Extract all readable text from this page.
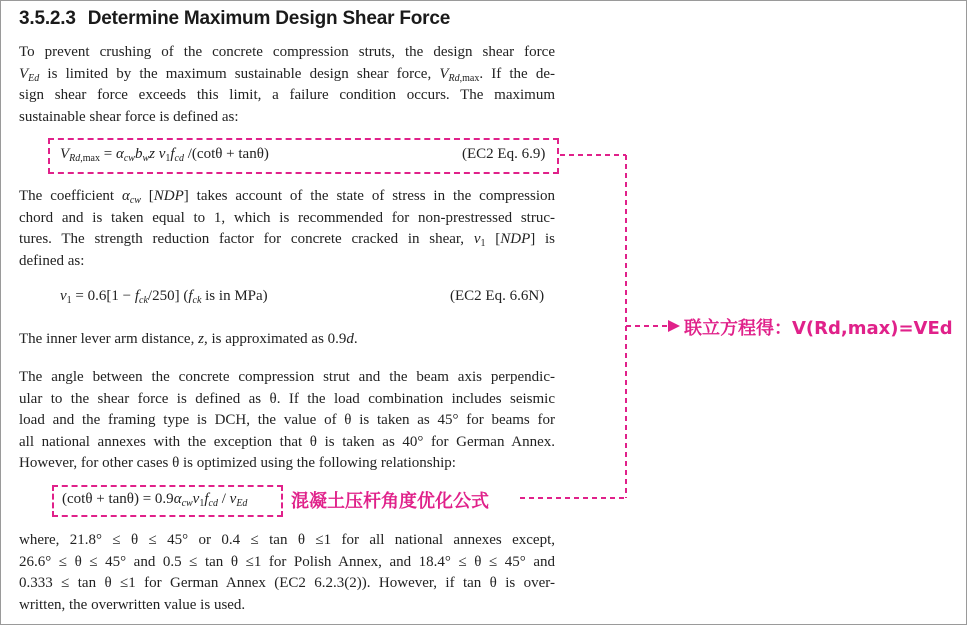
3.5.2.3 Determine Maximum Design Shear Force
To prevent crushing of the concrete compression struts, the design shear force
$V_{Ed}$ is limited by the maximum sustainable design shear force, $V_{Rd,max}$. If the de-
sign shear force exceeds this limit, a failure condition occurs. The maximum
sustainable shear force is defined as:
$V_{Rd,max} = \alpha_{cw}b_wz$ $\nu_1f_{cd}$ /(cotθ + tanθ)	(EC2 Eq. 6.9)
The coefficient $\alpha_{cw}$ [NDP] takes account of the state of stress in the compression
chord and is taken equal to 1, which is recommended for non-prestressed struc-
tures. The strength reduction factor for concrete cracked in shear, $\nu_1$ [NDP] is
defined as:
$\nu_1 = 0.6[1 - f_{ck}/250]$ ($f_{ck}$ is in MPa)	(EC2 Eq. 6.6N)
The inner lever arm distance, z, is approximated as 0.9d.
The angle between the concrete compression strut and the beam axis perpendic-
ular to the shear force is defined as θ. If the load combination includes seismic
load and the framing type is DCH, the value of θ is taken as 45° for beams for
all national annexes with the exception that θ is taken as 40° for German Annex.
However, for other cases θ is optimized using the following relationship:
$(\cot\theta + \tan\theta) = 0.9\alpha_{cw}\nu_1f_{cd} / v_{Ed}$
where, 21.8° ≤ θ ≤ 45° or 0.4 ≤ tan θ ≤1 for all national annexes except,
26.6° ≤ θ ≤ 45° and 0.5 ≤ tan θ ≤1 for Polish Annex, and 18.4° ≤ θ ≤ 45° and
0.333 ≤ tan θ ≤1 for German Annex (EC2 6.2.3(2)). However, if tan θ is over-
written, the overwritten value is used.
联立方程得：V(Rd,max)=VEd
混凝土压杆角度优化公式
